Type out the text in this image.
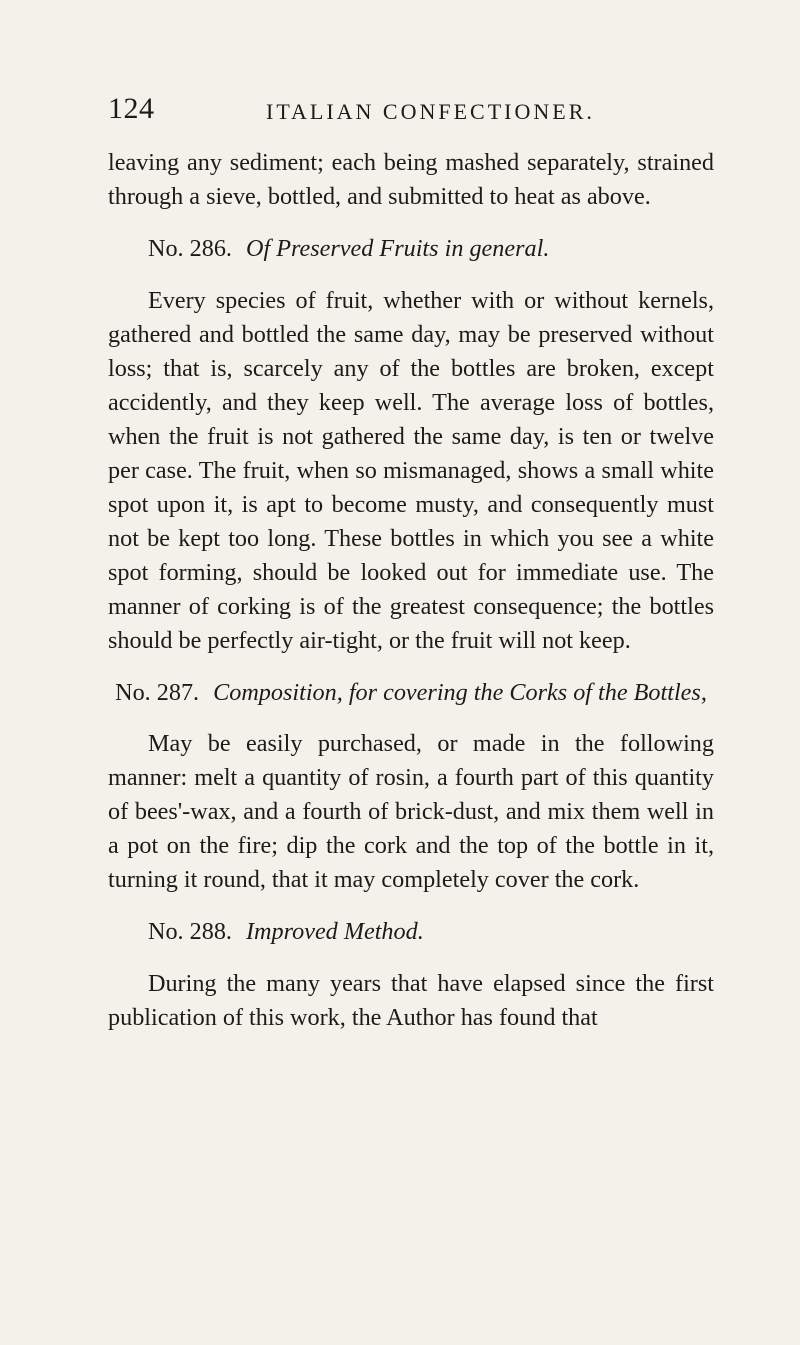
124	ITALIAN CONFECTIONER.

leaving any sediment; each being mashed separately, strained through a sieve, bottled, and submitted to heat as above.

No. 286. Of Preserved Fruits in general.

Every species of fruit, whether with or without kernels, gathered and bottled the same day, may be preserved without loss; that is, scarcely any of the bottles are broken, except accidently, and they keep well. The average loss of bottles, when the fruit is not gathered the same day, is ten or twelve per case. The fruit, when so mismanaged, shows a small white spot upon it, is apt to become musty, and consequently must not be kept too long. These bottles in which you see a white spot forming, should be looked out for immediate use. The manner of corking is of the greatest consequence; the bottles should be perfectly air-tight, or the fruit will not keep.

No. 287. Composition, for covering the Corks of the Bottles,

May be easily purchased, or made in the following manner: melt a quantity of rosin, a fourth part of this quantity of bees'-wax, and a fourth of brick-dust, and mix them well in a pot on the fire; dip the cork and the top of the bottle in it, turning it round, that it may completely cover the cork.

No. 288. Improved Method.

During the many years that have elapsed since the first publication of this work, the Author has found that
